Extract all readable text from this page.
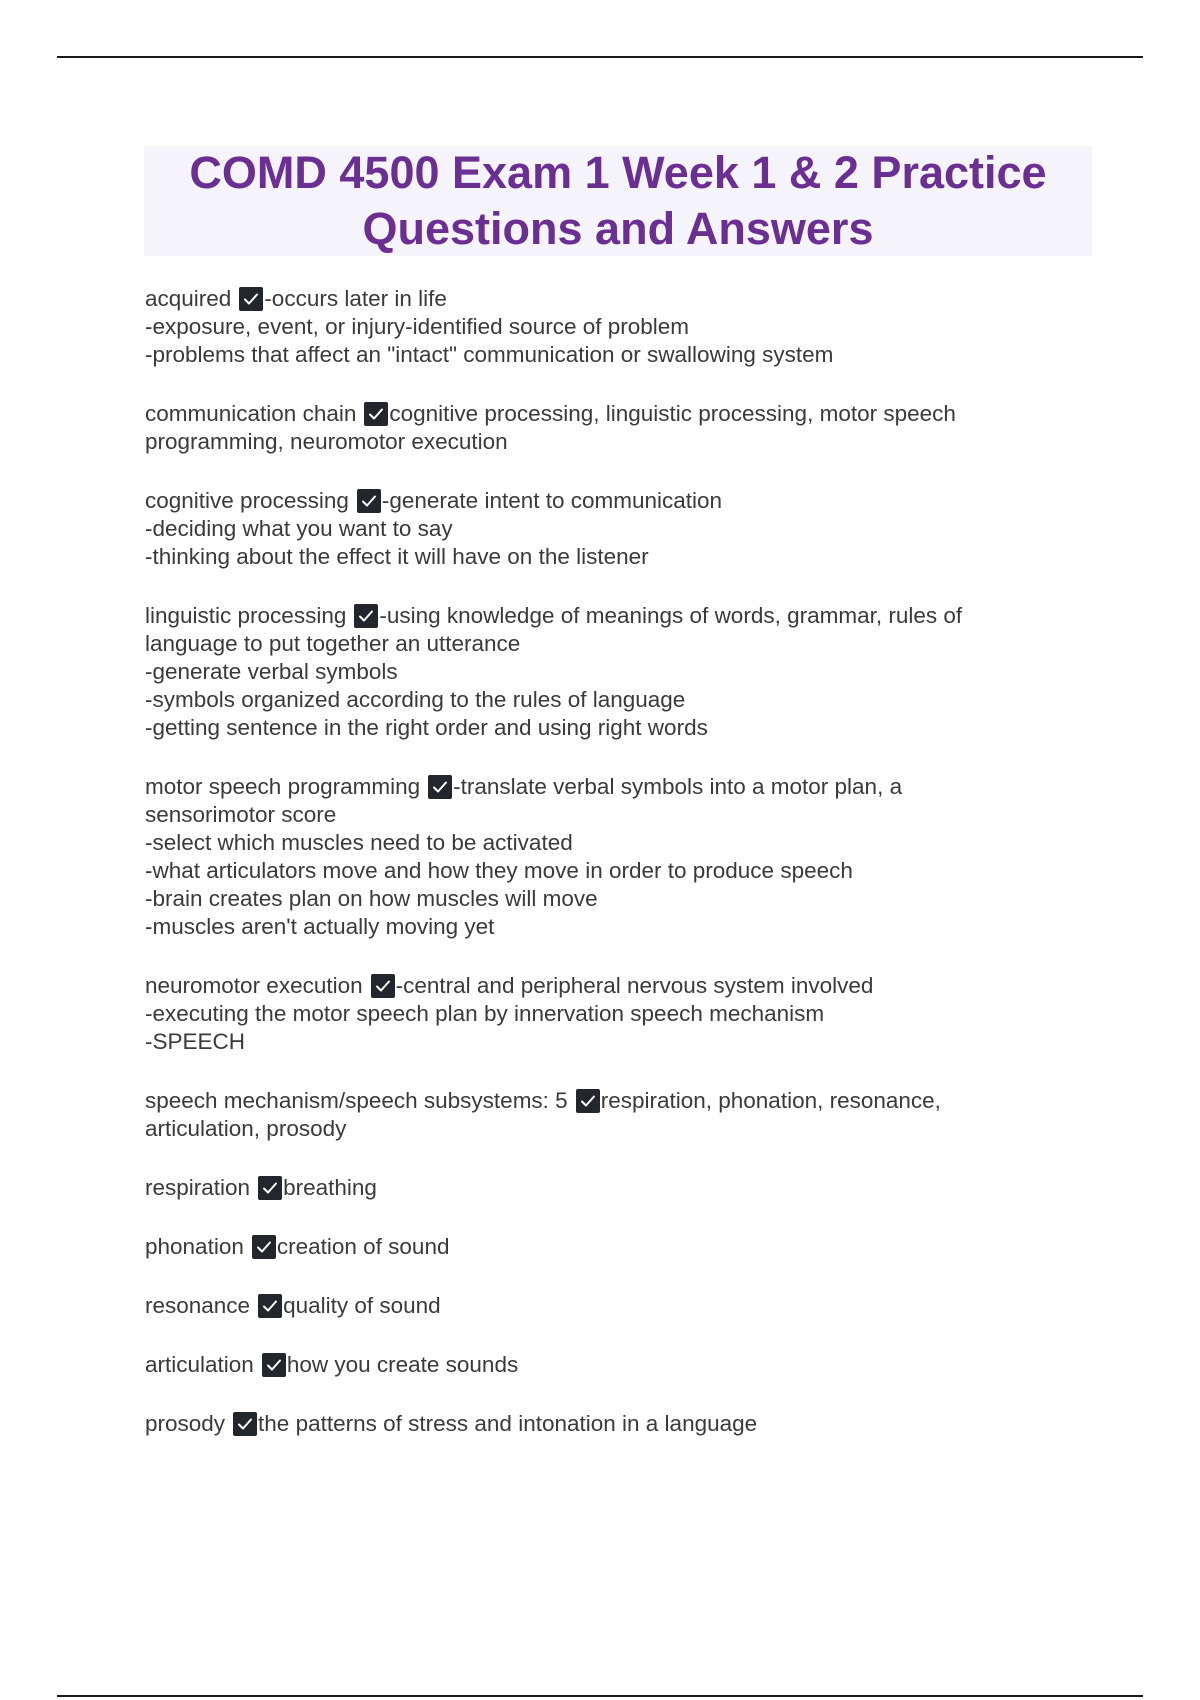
COMD 4500 Exam 1 Week 1 & 2 Practice
Questions and Answers
acquired -occurs later in life
-exposure, event, or injury-identified source of problem
-problems that affect an "intact" communication or swallowing system
communication chain cognitive processing, linguistic processing, motor speech
programming, neuromotor execution
cognitive processing -generate intent to communication
-deciding what you want to say
-thinking about the effect it will have on the listener
linguistic processing -using knowledge of meanings of words, grammar, rules of
language to put together an utterance
-generate verbal symbols
-symbols organized according to the rules of language
-getting sentence in the right order and using right words
motor speech programming -translate verbal symbols into a motor plan, a
sensorimotor score
-select which muscles need to be activated
-what articulators move and how they move in order to produce speech
-brain creates plan on how muscles will move
-muscles aren't actually moving yet
neuromotor execution -central and peripheral nervous system involved
-executing the motor speech plan by innervation speech mechanism
-SPEECH
speech mechanism/speech subsystems: 5 respiration, phonation, resonance,
articulation, prosody
respiration breathing
phonation creation of sound
resonance quality of sound
articulation how you create sounds
prosody the patterns of stress and intonation in a language
